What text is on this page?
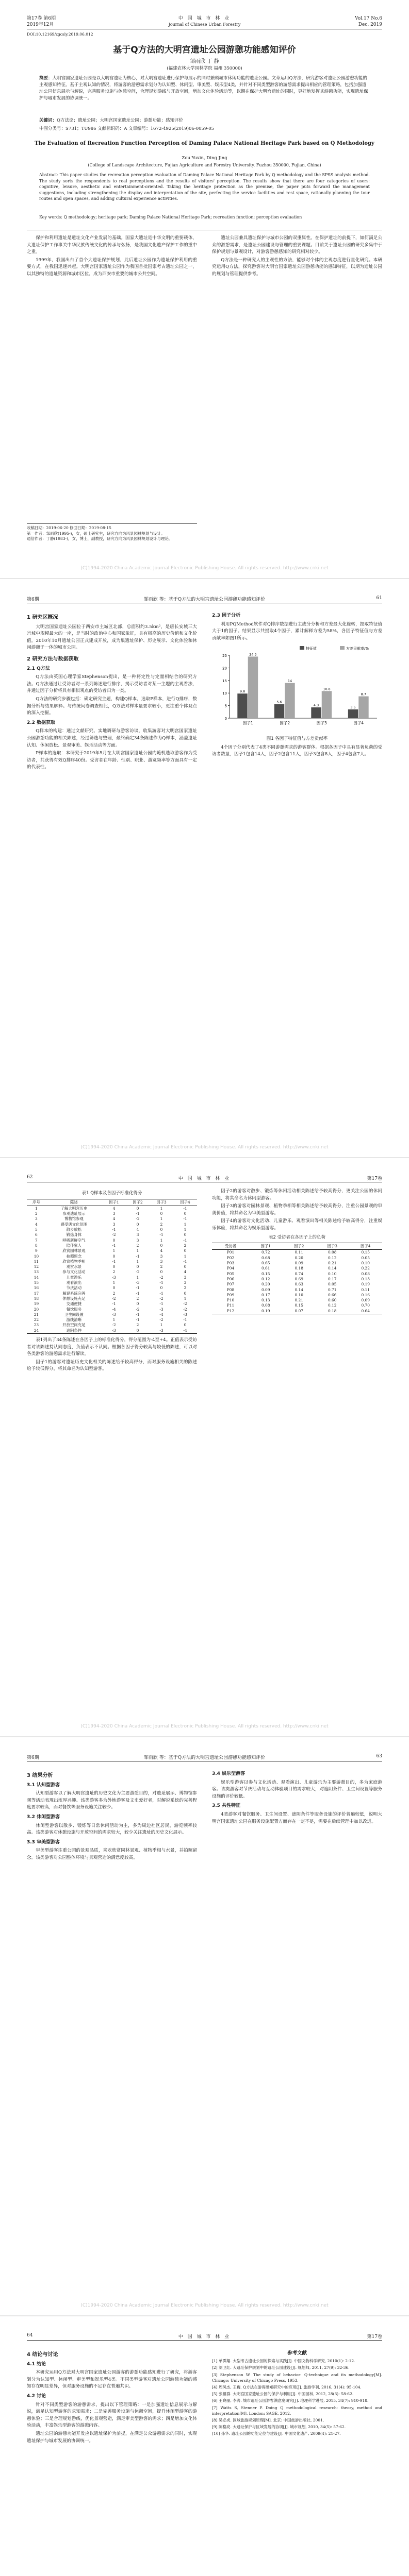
第17卷 第6期	中 国 城 市 林 业	Vol.17 No.6
2019年12月	Journal of Chinese Urban Forestry	Dec. 2019
DOI:10.12169/zgcsly.2019.06.012
基于Q方法的大明宫遗址公园游憩功能感知评价
邹雨欣 丁 静
(福建农林大学园林学院 福州 350000)
摘要：大明宫国家遗址公园是以大明宫遗址为核心，对大明宫遗址进行保护与展示的同时兼顾城市休闲功能的遗址公园。文章运用Q方法，研究游客对遗址公园游憩功能的主观感知特征。基于主观认知的情况，将游客的游憩需求划分为认知型、休闲型、审美型、娱乐型4类，并针对不同类型游客的游憩需求提出相应的管理策略，包括加强遗址公园信息展示与解说，完善服务设施与休憩空间，合理规划游线与开放空间，增加文化体验活动等，以期在保护大明宫遗址的同时，更好地发挥其游憩功能，实现遗址保护与城市发展的协调统一。
关键词：Q方法论；遗址公园；大明宫国家遗址公园；游憩功能；感知评价
中图分类号：S731；TU986 文献标识码：A 文章编号：1672-4925(2019)06-0059-05
The Evaluation of Recreation Function Perception of Daming Palace National Heritage Park based on Q Methodology
Zou Yuxin, Ding Jing
(College of Landscape Architecture, Fujian Agriculture and Forestry University, Fuzhou 350000, Fujian, China)
Abstract: This paper studies the recreation perception evaluation of Daming Palace National Heritage Park by Q methodology and the SPSS analysis method. The study sorts the respondents to real perceptions and the results of visitors' perception. The results show that there are four categories of users: cognitive, leisure, aesthetic and entertainment-oriented. Taking the heritage protection as the premise, the paper puts forward the management suggestions, including strengthening the display and interpretation of the site, perfecting the service facilities and rest space, rationally planning the tour routes and open spaces, and adding cultural experience activities.
Key words: Q methodology; heritage park; Daming Palace National Heritage Park; recreation function; perception evaluation

保护和利用遗址是遗址文化产业发展的基础。国家大遗址是中华文明的重要载体，大遗址保护工作事关中华民族传统文化的传承与弘扬，是我国文化遗产保护工作的重中之重。

1999年，我国出台了首个大遗址保护规划，此后遗址公园作为遗址保护利用的重要方式，在我国迅速兴起。大明宫国家遗址公园作为我国首批国家考古遗址公园之一，以其独特的遗址资源和城市区位，成为西安市重要的城市公共空间。

遗址公园兼具遗址保护与城市公园的双重属性。在保护遗址的前提下，如何满足公众的游憩需求，是遗址公园建设与管理的重要课题。目前关于遗址公园的研究多集中于保护规划与景观设计，对游客游憩感知的研究相对较少。

Q方法是一种研究人的主观性的方法，能够对个体的主观态度进行量化研究。本研究运用Q方法，探究游客对大明宫国家遗址公园游憩功能的感知特征，以期为遗址公园的规划与管理提供参考。

收稿日期：2019-06-20 修回日期：2019-08-15
第一作者：邹雨欣(1995-)，女，硕士研究生，研究方向为风景园林规划与设计。
通信作者：丁静(1983-)，女，博士，副教授，研究方向为风景园林规划设计与理论。
(C)1994-2020 China Academic Journal Electronic Publishing House. All rights reserved. http://www.cnki.net
第6期	邹雨欣 等：基于Q方法的大明宫遗址公园游憩功能感知评价	61
1 研究区概况

大明宫国家遗址公园位于西安市主城区北部，总面积约3.5km²，是唐长安城三大宫城中规模最大的一座，是当时的政治中心和国家象征，具有极高的历史价值和文化价值。2010年10月遗址公园正式建成开放，成为集遗址保护、历史展示、文化体验和休闲游憩于一体的城市公园。

2 研究方法与数据获取
2.1 Q方法

Q方法由英国心理学家Stephenson提出，是一种将定性与定量相结合的研究方法。Q方法通过让受访者对一系列陈述进行排序，揭示受访者对某一主题的主观看法，并通过因子分析将具有相似观点的受访者归为一类。

Q方法的研究步骤包括：确定研究主题，构建Q样本，选取P样本，进行Q排序，数据分析与结果解释。与传统问卷调查相比，Q方法对样本量要求较小，更注重个体观点的深入挖掘。

2.2 数据获取

Q样本的构建：通过文献研究、实地调研与游客访谈，收集游客对大明宫国家遗址公园游憩功能的相关陈述，经过筛选与整理，最终确定34条陈述作为Q样本，涵盖遗址认知、休闲放松、景观审美、娱乐活动等方面。

P样本的选取：本研究于2019年5月在大明宫国家遗址公园内随机选取游客作为受访者，共获得有效Q排序40份。受访者在年龄、性别、职业、游览频率等方面具有一定的代表性。

2.3 因子分析

利用PQMethod软件对Q排序数据进行主成分分析和方差最大化旋转，提取特征值大于1的因子。结果显示共提取4个因子，累计解释方差为58%，各因子特征值与方差贡献率如图1所示。

0
5
10
15
20
25
因子1
9.8
24.5
因子2
5.6
14
因子3
4.3
10.8
因子4
3.5
8.7
特征值	方差贡献率/%
图1 各因子特征值与方差贡献率

4个因子分别代表了4类不同游憩需求的游客群体。根据各因子中具有显著负荷的受访者数量，因子1包含14人，因子2包含11人，因子3包含8人，因子4包含7人。

(C)1994-2020 China Academic Journal Electronic Publishing House. All rights reserved. http://www.cnki.net
62	中 国 城 市 林 业	第17卷
表1 Q样本及各因子标准化得分
序号	陈述	因子1	因子2	因子3	因子4
1	了解大明宫历史	4	0	1	-1
2	参观遗址展示	3	-1	0	0
3	博物馆参观	4	-2	1	-1
4	感受唐文化氛围	3	0	2	1
5	散步放松	-1	4	0	1
6	锻炼身体	-2	3	-1	0
7	呼吸新鲜空气	0	3	1	-1
8	陪伴家人	-1	2	0	2
9	欣赏园林景观	1	1	4	0
10	拍照留念	0	-1	3	1
11	欣赏植物季相	-1	1	3	-1
12	观赏水景	0	0	2	0
13	参与文化活动	2	-2	0	4
14	儿童游乐	-3	1	-2	3
15	观看演出	1	-3	-1	3
16	节庆活动	0	-1	0	2
17	解说系统完善	2	-1	-1	0
18	休憩设施充足	-2	2	-2	1
19	交通便捷	-1	0	-1	-2
20	餐饮服务	-4	-2	-3	-2
21	卫生间设置	-3	-1	-4	-3
22	游线清晰	1	-1	-2	-1
23	开放空间充足	-2	2	1	0
24	遮阴条件	-3	0	-3	-4

表1列出了34条陈述在各因子上的标准化得分，得分范围为-4至+4。正值表示受访者对该陈述持认同态度，负值表示不认同。根据各因子得分较高与较低的陈述，可以对各类游客的游憩需求进行解读。

因子1的游客对遗址历史文化相关的陈述给予较高得分，而对服务设施相关的陈述给予较低得分，将其命名为认知型游客。

因子2的游客对散步、锻炼等休闲活动相关陈述给予较高得分，更关注公园的休闲功能，将其命名为休闲型游客。

因子3的游客对园林景观、植物季相等相关陈述给予较高得分，注重公园景观的审美价值，将其命名为审美型游客。

因子4的游客对文化活动、儿童游乐、观看演出等相关陈述给予较高得分，注重娱乐体验，将其命名为娱乐型游客。

表2 受访者在各因子上的负荷
受访者	因子1	因子2	因子3	因子4
P01	0.72	0.11	0.08	0.15
P02	0.68	0.20	0.12	0.05
P03	0.65	0.09	0.21	0.10
P04	0.61	0.18	0.14	0.22
P05	0.15	0.74	0.10	0.08
P06	0.12	0.69	0.17	0.13
P07	0.20	0.63	0.05	0.19
P08	0.09	0.14	0.71	0.11
P09	0.17	0.10	0.66	0.16
P10	0.13	0.21	0.60	0.09
P11	0.08	0.15	0.12	0.70
P12	0.19	0.07	0.18	0.64
(C)1994-2020 China Academic Journal Electronic Publishing House. All rights reserved. http://www.cnki.net
第6期	邹雨欣 等：基于Q方法的大明宫遗址公园游憩功能感知评价	63
3 结果分析
3.1 认知型游客

认知型游客以了解大明宫遗址的历史文化为主要游憩目的，对遗址展示、博物馆参观等活动表现出浓厚兴趣。该类游客多为外地游客及文史爱好者，对解说系统的完善程度要求较高，而对餐饮等服务设施关注较少。

3.2 休闲型游客

休闲型游客以散步、锻炼等日常休闲活动为主，多为周边社区居民，游览频率较高。该类游客对休憩设施与开放空间的需求较大，较少关注遗址的历史文化展示。

3.3 审美型游客

审美型游客注重公园的景观品质，喜欢欣赏园林景观、植物季相与水景，并拍照留念。该类游客对公园整体环境与景观营造的满意度较高。

3.4 娱乐型游客

娱乐型游客以参与文化活动、观看演出、儿童游乐为主要游憩目的，多为家庭游客。该类游客对节庆活动与互动体验项目的需求较大，对遮阴条件、卫生间设置等服务设施的评价较低。

3.5 共性特征

4类游客对餐饮服务、卫生间设置、遮阴条件等服务设施的评价普遍较低，说明大明宫国家遗址公园在服务设施配置方面存在一定不足，需要在后续管理中加以改进。

(C)1994-2020 China Academic Journal Electronic Publishing House. All rights reserved. http://www.cnki.net
64	中 国 城 市 林 业	第17卷
4 结论与讨论
4.1 结论

本研究运用Q方法对大明宫国家遗址公园游客的游憩功能感知进行了研究，将游客划分为认知型、休闲型、审美型和娱乐型4类。不同类型游客对遗址公园游憩功能的感知存在明显差异，但对服务设施的不足存在普遍共识。

4.2 讨论

针对不同类型游客的游憩需求，提出以下管理策略：一是加强遗址信息展示与解说，满足认知型游客的求知需求；二是完善服务设施与休憩空间，提升休闲型游客的游憩体验；三是合理规划游线，优化景观营造，满足审美型游客的需求；四是增加文化体验活动，丰富娱乐型游客的游憩内容。

遗址公园的游憩功能开发应以遗址保护为前提，在满足公众游憩需求的同时，实现遗址保护与城市发展的协调统一。

参考文献

[1] 单霁翔. 大型考古遗址公园的探索与实践[J]. 中国文物科学研究, 2010(1): 2-12.

[2] 刘卫红. 大遗址保护规划中的遗址公园建设[J]. 规划师, 2011, 27(9): 32-36.

[3] Stephenson W. The study of behavior: Q-technique and its methodology[M]. Chicago: University of Chicago Press, 1953.

[4] 周凤杰, 王巍. Q方法在游客感知研究中的应用[J]. 旅游学刊, 2016, 31(4): 95-104.

[5] 张祖群. 大明宫国家遗址公园的保护与利用[J]. 中国园林, 2012, 28(3): 58-62.

[6] 王晓丽, 李涛. 城市遗址公园游客满意度研究[J]. 地理科学进展, 2015, 34(7): 910-918.

[7] Watts S, Stenner P. Doing Q methodological research: theory, method and interpretation[M]. London: SAGE, 2012.

[8] 吴必虎. 区域旅游规划原理[M]. 北京: 中国旅游出版社, 2001.

[9] 陈稳亮. 大遗址保护与区域发展的协调[J]. 城市规划, 2010, 34(5): 57-62.

[10] 孙华. 遗址公园的功能定位与建设[J]. 中国文化遗产, 2009(4): 21-27.
